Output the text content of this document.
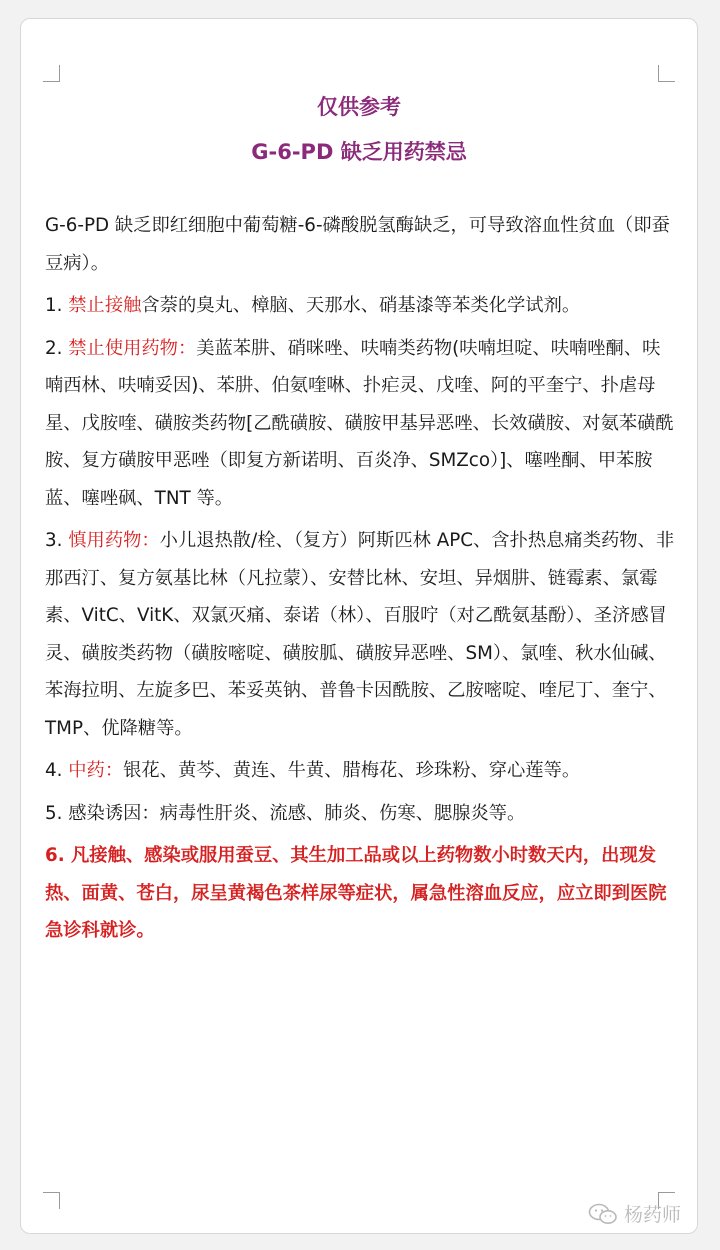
仅供参考
G-6-PD 缺乏用药禁忌

G-6-PD 缺乏即红细胞中葡萄糖-6-磷酸脱氢酶缺乏，可导致溶血性贫血（即蚕豆病）。

1. 禁止接触含萘的臭丸、樟脑、天那水、硝基漆等苯类化学试剂。

2. 禁止使用药物：美蓝苯肼、硝咪唑、呋喃类药物(呋喃坦啶、呋喃唑酮、呋喃西林、呋喃妥因)、苯肼、伯氨喹啉、扑疟灵、戊喹、阿的平奎宁、扑虐母星、戊胺喹、磺胺类药物[乙酰磺胺、磺胺甲基异恶唑、长效磺胺、对氨苯磺酰胺、复方磺胺甲恶唑（即复方新诺明、百炎净、SMZco）]、噻唑酮、甲苯胺蓝、噻唑砜、TNT 等。

3. 慎用药物：小儿退热散/栓、（复方）阿斯匹林 APC、含扑热息痛类药物、非那西汀、复方氨基比林（凡拉蒙）、安替比林、安坦、异烟肼、链霉素、氯霉素、VitC、VitK、双氯灭痛、泰诺（林）、百服咛（对乙酰氨基酚）、圣济感冒灵、磺胺类药物（磺胺嘧啶、磺胺胍、磺胺异恶唑、SM）、氯喹、秋水仙碱、苯海拉明、左旋多巴、苯妥英钠、普鲁卡因酰胺、乙胺嘧啶、喹尼丁、奎宁、TMP、优降糖等。

4. 中药：银花、黄芩、黄连、牛黄、腊梅花、珍珠粉、穿心莲等。

5. 感染诱因：病毒性肝炎、流感、肺炎、伤寒、腮腺炎等。

6. 凡接触、感染或服用蚕豆、其生加工品或以上药物数小时数天内，出现发热、面黄、苍白，尿呈黄褐色茶样尿等症状，属急性溶血反应，应立即到医院急诊科就诊。

杨药师
